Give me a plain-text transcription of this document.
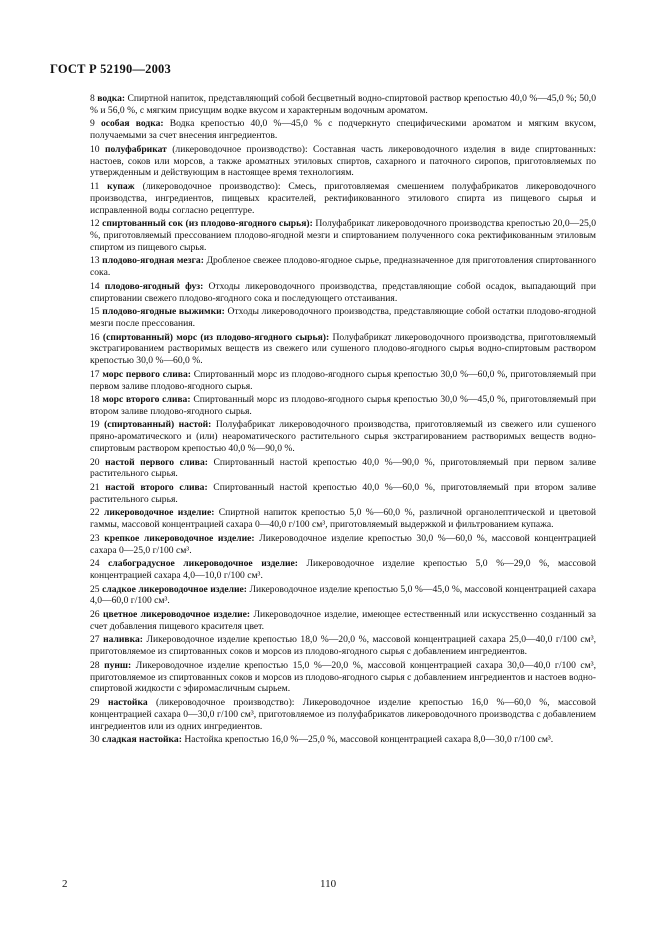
ГОСТ Р 52190—2003

8 водка: Спиртной напиток, представляющий собой бесцветный водно-спиртовой раствор крепостью 40,0 %—45,0 %; 50,0 % и 56,0 %, с мягким присущим водке вкусом и характерным водочным ароматом.

9 особая водка: Водка крепостью 40,0 %—45,0 % с подчеркнуто специфическими ароматом и мягким вкусом, получаемыми за счет внесения ингредиентов.

10 полуфабрикат (ликероводочное производство): Составная часть ликероводочного изделия в виде спиртованных: настоев, соков или морсов, а также ароматных этиловых спиртов, сахарного и паточного сиропов, приготовляемых по утвержденным и действующим в настоящее время технологиям.

11 купаж (ликероводочное производство): Смесь, приготовляемая смешением полуфабрикатов ликероводочного производства, ингредиентов, пищевых красителей, ректификованного этилового спирта из пищевого сырья и исправленной воды согласно рецептуре.

12 спиртованный сок (из плодово-ягодного сырья): Полуфабрикат ликероводочного производства крепостью 20,0—25,0 %, приготовляемый прессованием плодово-ягодной мезги и спиртованием полученного сока ректификованным этиловым спиртом из пищевого сырья.

13 плодово-ягодная мезга: Дробленое свежее плодово-ягодное сырье, предназначенное для приготовления спиртованного сока.

14 плодово-ягодный фуз: Отходы ликероводочного производства, представляющие собой осадок, выпадающий при спиртовании свежего плодово-ягодного сока и последующего отстаивания.

15 плодово-ягодные выжимки: Отходы ликероводочного производства, представляющие собой остатки плодово-ягодной мезги после прессования.

16 (спиртованный) морс (из плодово-ягодного сырья): Полуфабрикат ликероводочного производства, приготовляемый экстрагированием растворимых веществ из свежего или сушеного плодово-ягодного сырья водно-спиртовым раствором крепостью 30,0 %—60,0 %.

17 морс первого слива: Спиртованный морс из плодово-ягодного сырья крепостью 30,0 %—60,0 %, приготовляемый при первом заливе плодово-ягодного сырья.

18 морс второго слива: Спиртованный морс из плодово-ягодного сырья крепостью 30,0 %—45,0 %, приготовляемый при втором заливе плодово-ягодного сырья.

19 (спиртованный) настой: Полуфабрикат ликероводочного производства, приготовляемый из свежего или сушеного пряно-ароматического и (или) неароматического растительного сырья экстрагированием растворимых веществ водно-спиртовым раствором крепостью 40,0 %—90,0 %.

20 настой первого слива: Спиртованный настой крепостью 40,0 %—90,0 %, приготовляемый при первом заливе растительного сырья.

21 настой второго слива: Спиртованный настой крепостью 40,0 %—60,0 %, приготовляемый при втором заливе растительного сырья.

22 ликероводочное изделие: Спиртной напиток крепостью 5,0 %—60,0 %, различной органолептической и цветовой гаммы, массовой концентрацией сахара 0—40,0 г/100 см³, приготовляемый выдержкой и фильтрованием купажа.

23 крепкое ликероводочное изделие: Ликероводочное изделие крепостью 30,0 %—60,0 %, массовой концентрацией сахара 0—25,0 г/100 см³.

24 слабоградусное ликероводочное изделие: Ликероводочное изделие крепостью 5,0 %—29,0 %, массовой концентрацией сахара 4,0—10,0 г/100 см³.

25 сладкое ликероводочное изделие: Ликероводочное изделие крепостью 5,0 %—45,0 %, массовой концентрацией сахара 4,0—60,0 г/100 см³.

26 цветное ликероводочное изделие: Ликероводочное изделие, имеющее естественный или искусственно созданный за счет добавления пищевого красителя цвет.

27 наливка: Ликероводочное изделие крепостью 18,0 %—20,0 %, массовой концентрацией сахара 25,0—40,0 г/100 см³, приготовляемое из спиртованных соков и морсов из плодово-ягодного сырья с добавлением ингредиентов.

28 пунш: Ликероводочное изделие крепостью 15,0 %—20,0 %, массовой концентрацией сахара 30,0—40,0 г/100 см³, приготовляемое из спиртованных соков и морсов из плодово-ягодного сырья с добавлением ингредиентов и настоев водно-спиртовой жидкости с эфиромасличным сырьем.

29 настойка (ликероводочное производство): Ликероводочное изделие крепостью 16,0 %—60,0 %, массовой концентрацией сахара 0—30,0 г/100 см³, приготовляемое из полуфабрикатов ликероводочного производства с добавлением ингредиентов или из одних ингредиентов.

30 сладкая настойка: Настойка крепостью 16,0 %—25,0 %, массовой концентрацией сахара 8,0—30,0 г/100 см³.

2	110
